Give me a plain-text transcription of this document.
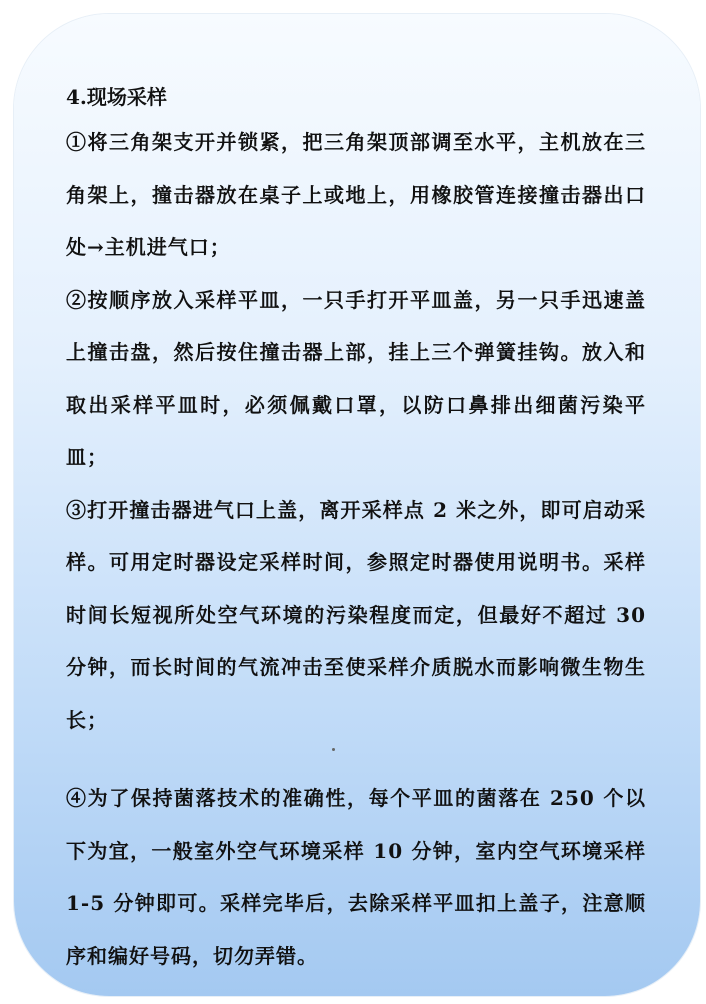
4.现场采样

①将三角架支开并锁紧，把三角架顶部调至水平，主机放在三角架上，撞击器放在桌子上或地上，用橡胶管连接撞击器出口处→主机进气口；

②按顺序放入采样平皿，一只手打开平皿盖，另一只手迅速盖上撞击盘，然后按住撞击器上部，挂上三个弹簧挂钩。放入和取出采样平皿时，必须佩戴口罩，以防口鼻排出细菌污染平皿；

③打开撞击器进气口上盖，离开采样点 2 米之外，即可启动采样。可用定时器设定采样时间，参照定时器使用说明书。采样时间长短视所处空气环境的污染程度而定，但最好不超过 30 分钟，而长时间的气流冲击至使采样介质脱水而影响微生物生长；

④为了保持菌落技术的准确性，每个平皿的菌落在 250 个以下为宜，一般室外空气环境采样 10 分钟，室内空气环境采样 1-5 分钟即可。采样完毕后，去除采样平皿扣上盖子，注意顺序和编好号码，切勿弄错。
